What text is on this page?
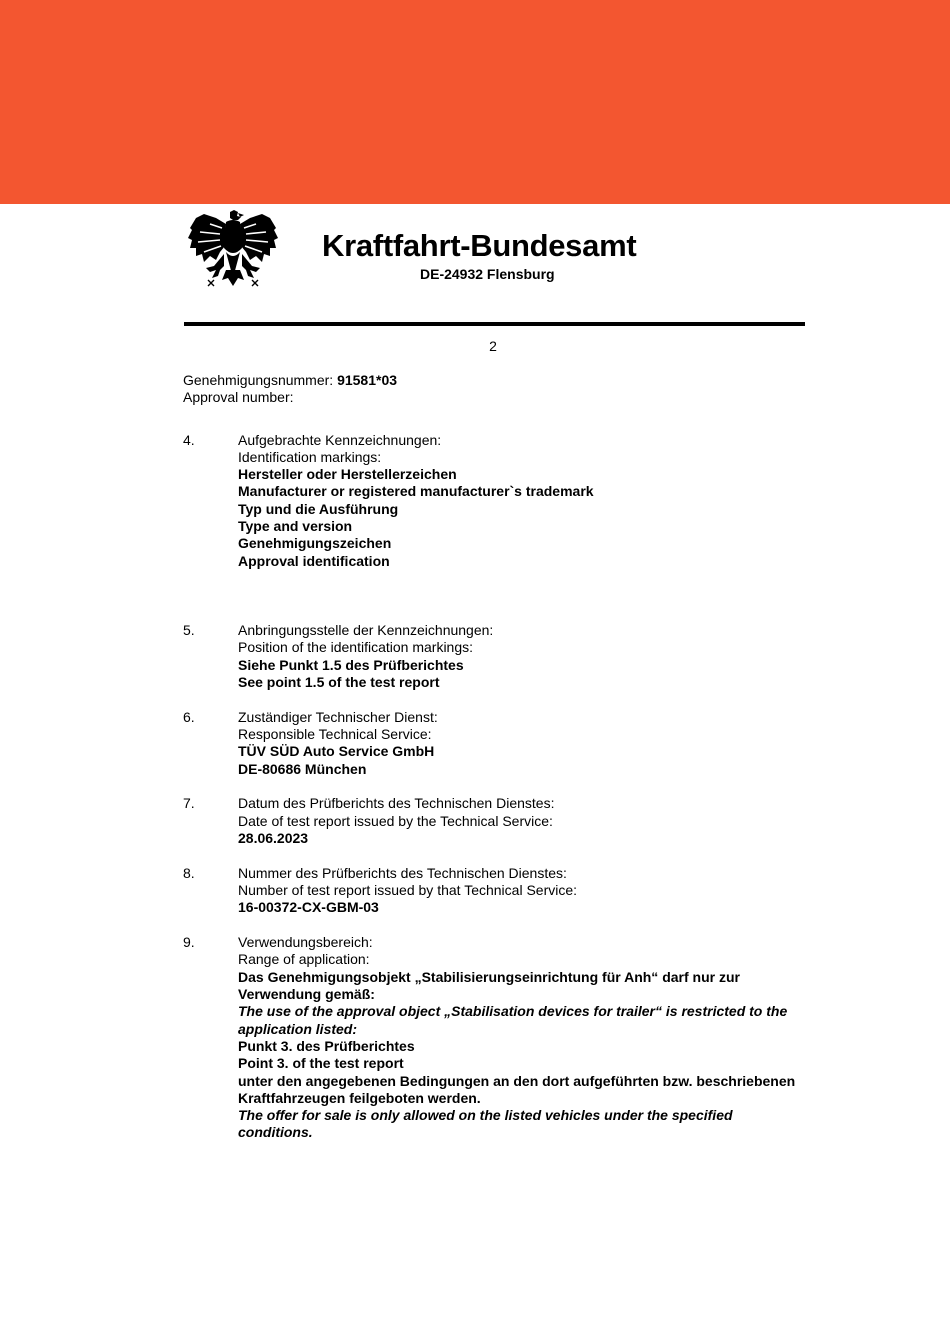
Kraftfahrt-Bundesamt
DE-24932 Flensburg
2
Genehmigungsnummer: 91581*03
Approval number:
4.	Aufgebrachte Kennzeichnungen:

Identification markings:

Hersteller oder Herstellerzeichen

Manufacturer or registered manufacturer`s trademark

Typ und die Ausführung

Type and version

Genehmigungszeichen

Approval identification

5.	Anbringungsstelle der Kennzeichnungen:

Position of the identification markings:

Siehe Punkt 1.5 des Prüfberichtes

See point 1.5 of the test report

6.	Zuständiger Technischer Dienst:

Responsible Technical Service:

TÜV SÜD Auto Service GmbH

DE-80686 München

7.	Datum des Prüfberichts des Technischen Dienstes:

Date of test report issued by the Technical Service:

28.06.2023

8.	Nummer des Prüfberichts des Technischen Dienstes:

Number of test report issued by that Technical Service:

16-00372-CX-GBM-03

9.	Verwendungsbereich:

Range of application:

Das Genehmigungsobjekt „Stabilisierungseinrichtung für Anh“ darf nur zur Verwendung gemäß:

The use of the approval object „Stabilisation devices for trailer“ is restricted to the application listed:

Punkt 3. des Prüfberichtes

Point 3. of the test report

unter den angegebenen Bedingungen an den dort aufgeführten bzw. beschriebenen Kraftfahrzeugen feilgeboten werden.

The offer for sale is only allowed on the listed vehicles under the specified conditions.
